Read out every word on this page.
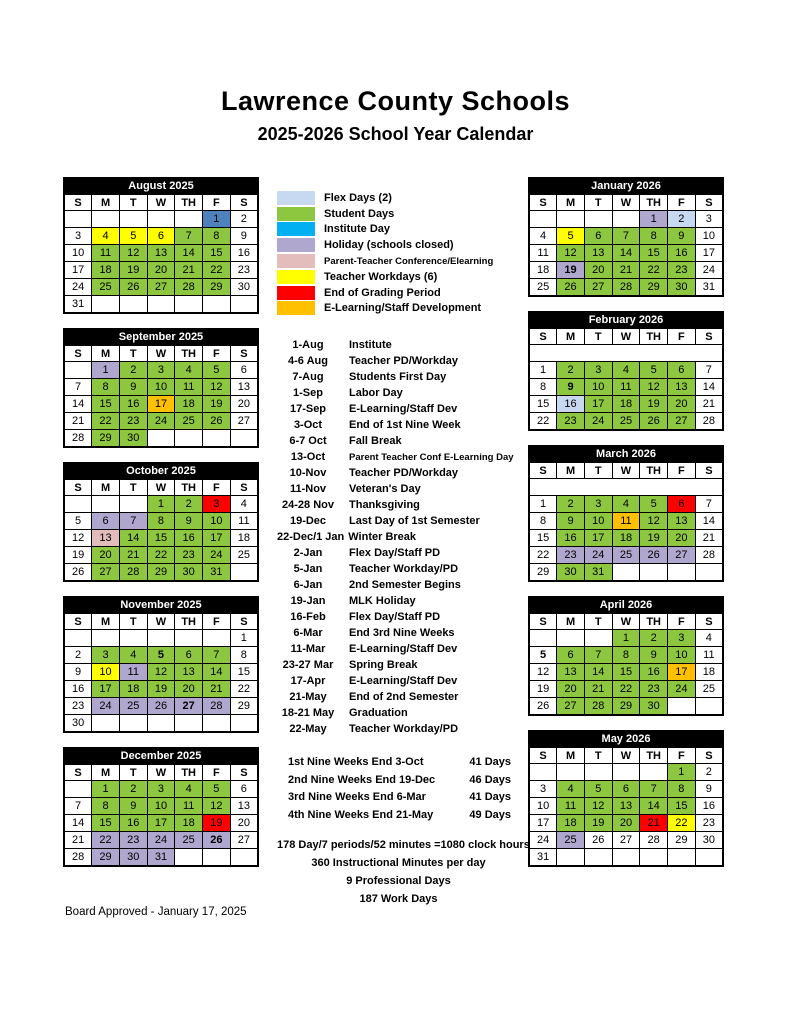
Lawrence County Schools
2025-2026 School Year Calendar
August 2025						
S	M	T	W	TH	F	S
					1	2
3	4	5	6	7	8	9
10	11	12	13	14	15	16
17	18	19	20	21	22	23
24	25	26	27	28	29	30
31						
September 2025						
S	M	T	W	TH	F	S
	1	2	3	4	5	6
7	8	9	10	11	12	13
14	15	16	17	18	19	20
21	22	23	24	25	26	27
28	29	30				
October 2025						
S	M	T	W	TH	F	S
			1	2	3	4
5	6	7	8	9	10	11
12	13	14	15	16	17	18
19	20	21	22	23	24	25
26	27	28	29	30	31	
November 2025						
S	M	T	W	TH	F	S
						1
2	3	4	5	6	7	8
9	10	11	12	13	14	15
16	17	18	19	20	21	22
23	24	25	26	27	28	29
30						
December 2025						
S	M	T	W	TH	F	S
	1	2	3	4	5	6
7	8	9	10	11	12	13
14	15	16	17	18	19	20
21	22	23	24	25	26	27
28	29	30	31			
Flex Days (2)
Student Days
Institute Day
Holiday (schools closed)
Parent-Teacher Conference/Elearning
Teacher Workdays (6)
End of Grading Period
E-Learning/Staff Development
1-Aug	Institute
4-6 Aug	Teacher PD/Workday
7-Aug	Students First Day
1-Sep	Labor Day
17-Sep	E-Learning/Staff Dev
3-Oct	End of 1st Nine Week
6-7 Oct	Fall Break
13-Oct	Parent Teacher Conf E-Learning Day
10-Nov	Teacher PD/Workday
11-Nov	Veteran's Day
24-28 Nov	Thanksgiving
19-Dec	Last Day of 1st Semester
22-Dec/1 Jan Winter Break
2-Jan	Flex Day/Staff PD
5-Jan	Teacher Workday/PD
6-Jan	2nd Semester Begins
19-Jan	MLK Holiday
16-Feb	Flex Day/Staff PD
6-Mar	End 3rd Nine Weeks
11-Mar	E-Learning/Staff Dev
23-27 Mar	Spring Break
17-Apr	E-Learning/Staff Dev
21-May	End of 2nd Semester
18-21 May	Graduation
22-May	Teacher Workday/PD
1st Nine Weeks End 3-Oct	41 Days
2nd Nine Weeks End 19-Dec	46 Days
3rd Nine Weeks End 6-Mar	41 Days
4th Nine Weeks End 21-May	49 Days
178 Day/7 periods/52 minutes =1080 clock hours
360 Instructional Minutes per day
9 Professional Days
187 Work Days
January 2026						
S	M	T	W	TH	F	S
				1	2	3
4	5	6	7	8	9	10
11	12	13	14	15	16	17
18	19	20	21	22	23	24
25	26	27	28	29	30	31
February 2026						
S	M	T	W	TH	F	S

1	2	3	4	5	6	7
8	9	10	11	12	13	14
15	16	17	18	19	20	21
22	23	24	25	26	27	28
March 2026						
S	M	T	W	TH	F	S

1	2	3	4	5	6	7
8	9	10	11	12	13	14
15	16	17	18	19	20	21
22	23	24	25	26	27	28
29	30	31				
April 2026						
S	M	T	W	TH	F	S
			1	2	3	4
5	6	7	8	9	10	11
12	13	14	15	16	17	18
19	20	21	22	23	24	25
26	27	28	29	30		
May 2026						
S	M	T	W	TH	F	S
					1	2
3	4	5	6	7	8	9
10	11	12	13	14	15	16
17	18	19	20	21	22	23
24	25	26	27	28	29	30
31						
Board Approved - January 17, 2025
